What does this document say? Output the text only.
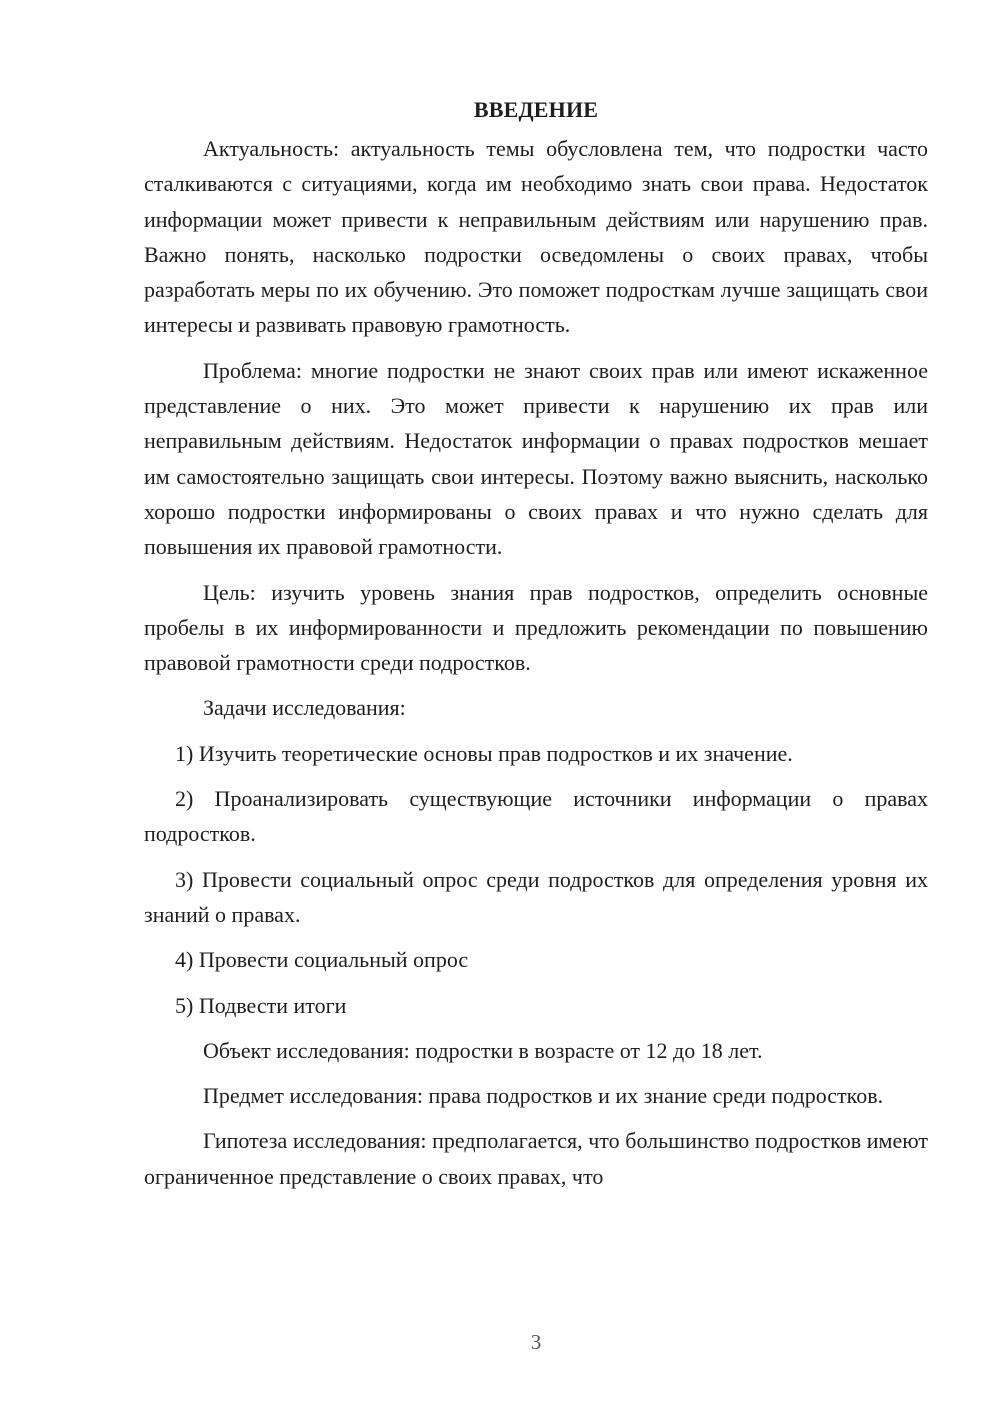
ВВЕДЕНИЕ

Актуальность: актуальность темы обусловлена тем, что подростки часто сталкиваются с ситуациями, когда им необходимо знать свои права. Недостаток информации может привести к неправильным действиям или нарушению прав. Важно понять, насколько подростки осведомлены о своих правах, чтобы разработать меры по их обучению. Это поможет подросткам лучше защищать свои интересы и развивать правовую грамотность.

Проблема: многие подростки не знают своих прав или имеют искаженное представление о них. Это может привести к нарушению их прав или неправильным действиям. Недостаток информации о правах подростков мешает им самостоятельно защищать свои интересы. Поэтому важно выяснить, насколько хорошо подростки информированы о своих правах и что нужно сделать для повышения их правовой грамотности.

Цель: изучить уровень знания прав подростков, определить основные пробелы в их информированности и предложить рекомендации по повышению правовой грамотности среди подростков.

Задачи исследования:

1) Изучить теоретические основы прав подростков и их значение.

2) Проанализировать существующие источники информации о правах подростков.

3) Провести социальный опрос среди подростков для определения уровня их знаний о правах.

4) Провести социальный опрос

5) Подвести итоги

Объект исследования: подростки в возрасте от 12 до 18 лет.

Предмет исследования: права подростков и их знание среди подростков.

Гипотеза исследования: предполагается, что большинство подростков имеют ограниченное представление о своих правах, что

3
